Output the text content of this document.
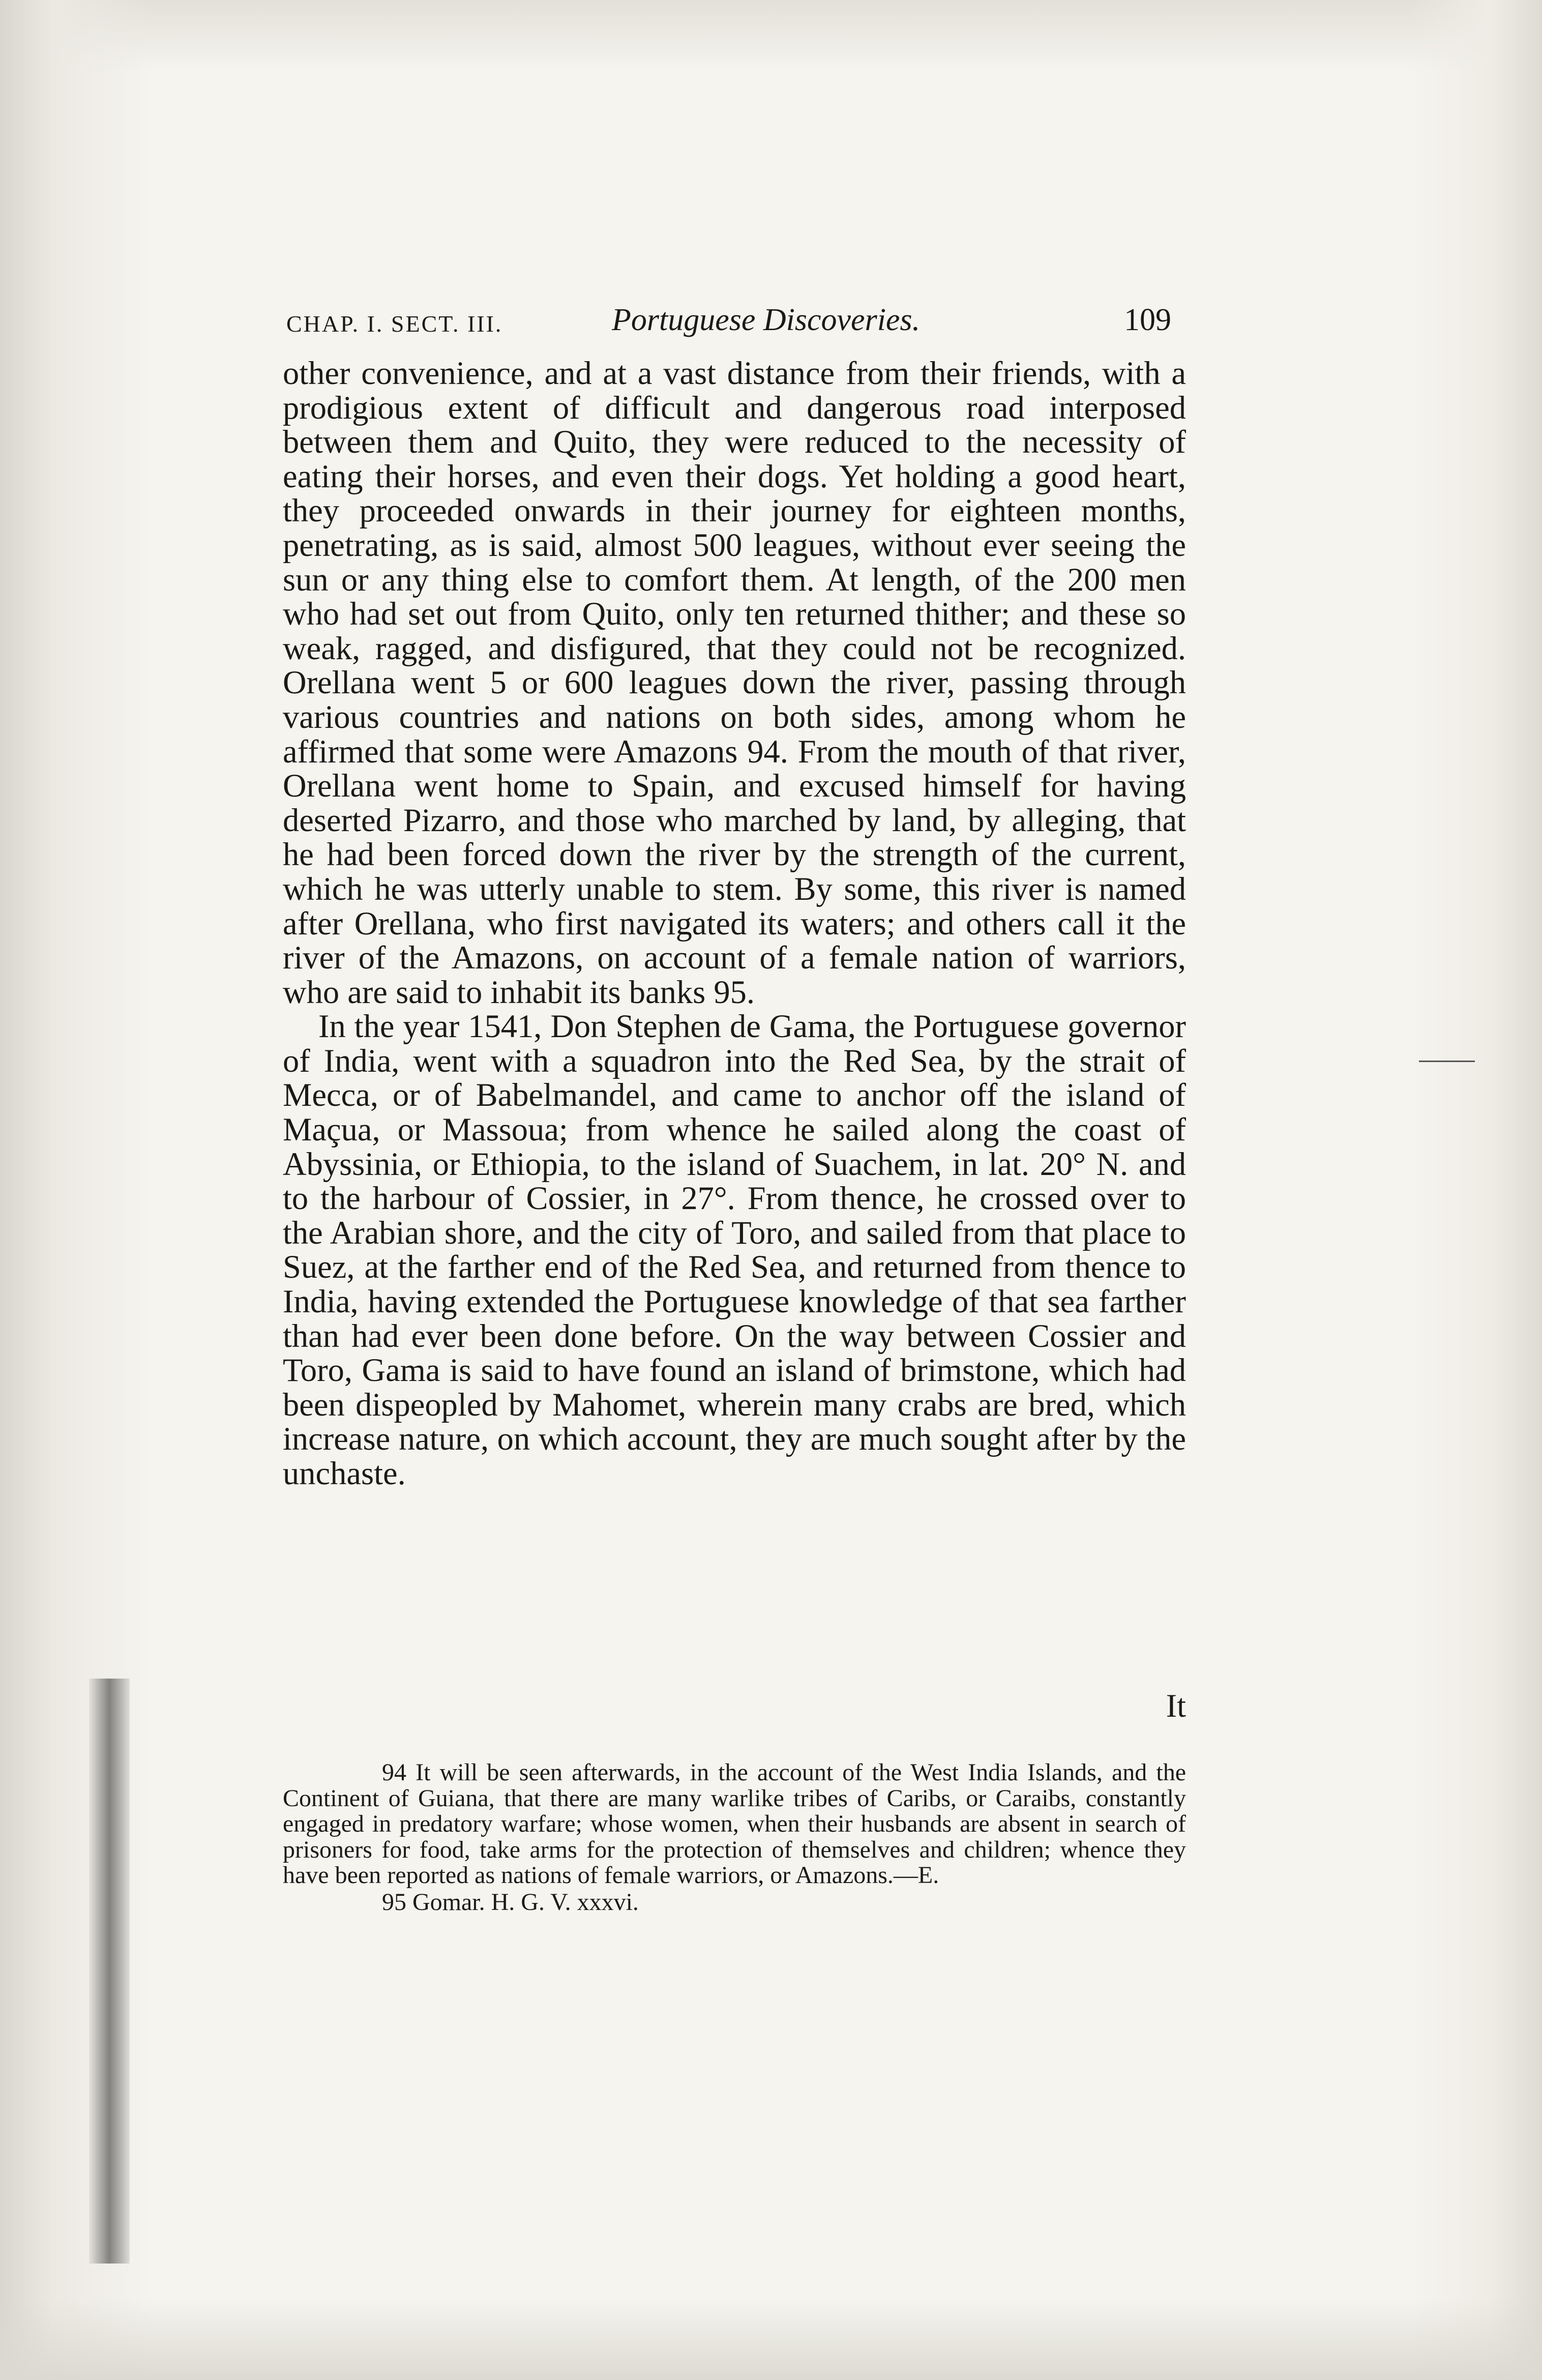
CHAP. I. SECT. III.	Portuguese Discoveries.	109

other convenience, and at a vast distance from their friends, with a prodigious extent of difficult and dangerous road interposed between them and Quito, they were reduced to the necessity of eating their horses, and even their dogs. Yet holding a good heart, they proceeded onwards in their journey for eighteen months, penetrating, as is said, almost 500 leagues, without ever seeing the sun or any thing else to comfort them. At length, of the 200 men who had set out from Quito, only ten returned thither; and these so weak, ragged, and disfigured, that they could not be recognized. Orellana went 5 or 600 leagues down the river, passing through various countries and nations on both sides, among whom he affirmed that some were Amazons 94. From the mouth of that river, Orellana went home to Spain, and excused himself for having deserted Pizarro, and those who marched by land, by alleging, that he had been forced down the river by the strength of the current, which he was utterly unable to stem. By some, this river is named after Orellana, who first navigated its waters; and others call it the river of the Amazons, on account of a female nation of warriors, who are said to inhabit its banks 95.

In the year 1541, Don Stephen de Gama, the Portuguese governor of India, went with a squadron into the Red Sea, by the strait of Mecca, or of Babelmandel, and came to anchor off the island of Maçua, or Massoua; from whence he sailed along the coast of Abyssinia, or Ethiopia, to the island of Suachem, in lat. 20° N. and to the harbour of Cossier, in 27°. From thence, he crossed over to the Arabian shore, and the city of Toro, and sailed from that place to Suez, at the farther end of the Red Sea, and returned from thence to India, having extended the Portuguese knowledge of that sea farther than had ever been done before. On the way between Cossier and Toro, Gama is said to have found an island of brimstone, which had been dispeopled by Mahomet, wherein many crabs are bred, which increase nature, on which account, they are much sought after by the unchaste.

It

94 It will be seen afterwards, in the account of the West India Islands, and the Continent of Guiana, that there are many warlike tribes of Caribs, or Caraibs, constantly engaged in predatory warfare; whose women, when their husbands are absent in search of prisoners for food, take arms for the protection of themselves and children; whence they have been reported as nations of female warriors, or Amazons.—E.

95 Gomar. H. G. V. xxxvi.
